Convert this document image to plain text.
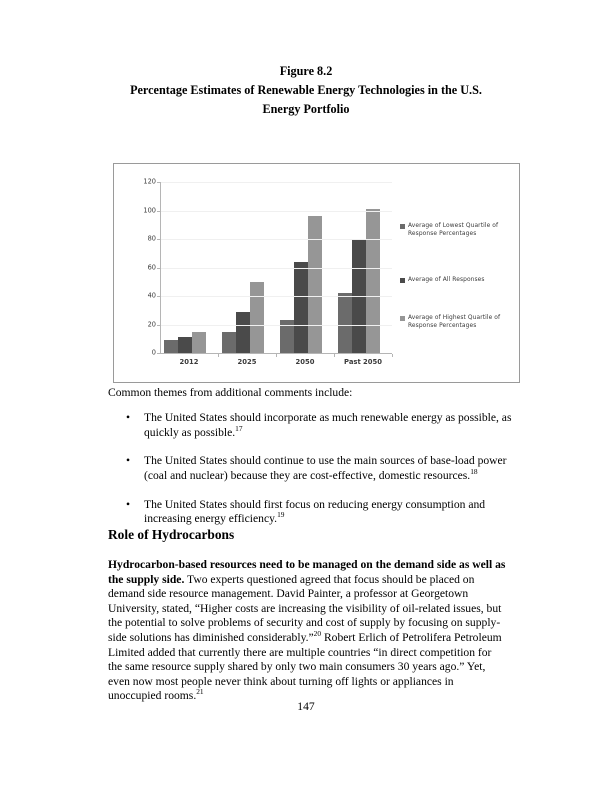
Figure 8.2
Percentage Estimates of Renewable Energy Technologies in the U.S.
Energy Portfolio
0
20
40
60
80
100
120
2012	2025	2050	Past 2050
Average of Lowest Quartile of Response Percentages
Average of All Responses
Average of Highest Quartile of Response Percentages
Common themes from additional comments include:
• The United States should incorporate as much renewable energy as possible, as quickly as possible.$^{17}$
• The United States should continue to use the main sources of base-load power (coal and nuclear) because they are cost-effective, domestic resources.$^{18}$
• The United States should first focus on reducing energy consumption and increasing energy efficiency.$^{19}$
Role of Hydrocarbons
Hydrocarbon-based resources need to be managed on the demand side as well as the supply side. Two experts questioned agreed that focus should be placed on demand side resource management. David Painter, a professor at Georgetown University, stated, “Higher costs are increasing the visibility of oil-related issues, but the potential to solve problems of security and cost of supply by focusing on supply-side solutions has diminished considerably.”$^{20}$ Robert Erlich of Petrolifera Petroleum Limited added that currently there are multiple countries “in direct competition for the same resource supply shared by only two main consumers 30 years ago.” Yet, even now most people never think about turning off lights or appliances in unoccupied rooms.$^{21}$
147
